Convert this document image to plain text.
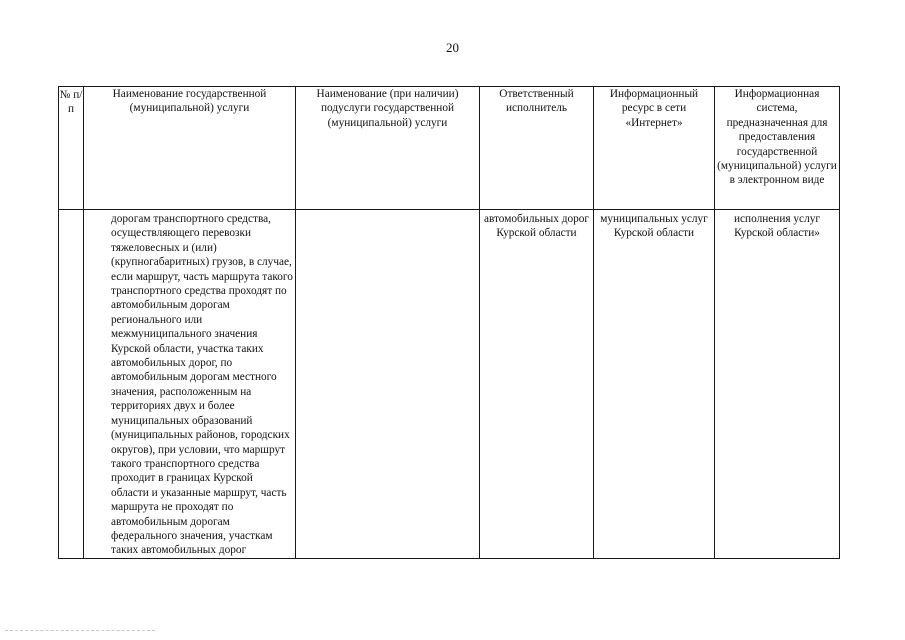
20
№ п/п	Наименование государственной (муниципальной) услуги	Наименование (при наличии) подуслуги государственной (муниципальной) услуги	Ответственный исполнитель	Информационный ресурс в сети «Интернет»	Информационная система, предназначенная для предоставления государственной (муниципальной) услуги в электронном виде
	дорогам транспортного средства, осуществляющего перевозки тяжеловесных и (или) (крупногабаритных) грузов, в случае, если маршрут, часть маршрута такого транспортного средства проходят по автомобильным дорогам регионального или межмуниципального значения Курской области, участка таких автомобильных дорог, по автомобильным дорогам местного значения, расположенным на территориях двух и более муниципальных образований (муниципальных районов, городских округов), при условии, что маршрут такого транспортного средства проходит в границах Курской области и указанные маршрут, часть маршрута не проходят по автомобильным дорогам федерального значения, участкам таких автомобильных дорог		автомобильных дорог Курской области	муниципальных услуг Курской области	исполнения услуг Курской области»
